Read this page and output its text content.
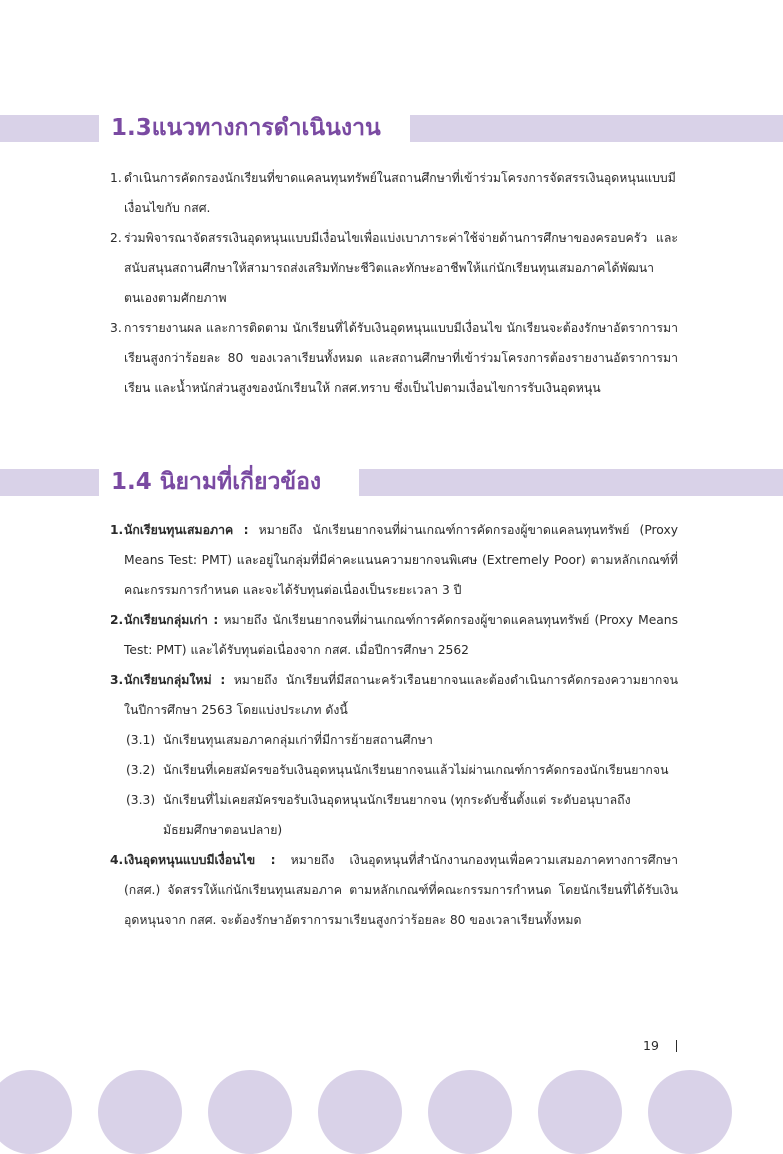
1.3แนวทางการดำเนินงาน
1. ดำเนินการคัดกรองนักเรียนที่ขาดแคลนทุนทรัพย์ในสถานศึกษาที่เข้าร่วมโครงการจัดสรรเงินอุดหนุนแบบมีเงื่อนไขกับ กสศ.
2. ร่วมพิจารณาจัดสรรเงินอุดหนุนแบบมีเงื่อนไขเพื่อแบ่งเบาภาระค่าใช้จ่ายด้านการศึกษาของครอบครัว และสนับสนุนสถานศึกษาให้สามารถส่งเสริมทักษะชีวิตและทักษะอาชีพให้แก่นักเรียนทุนเสมอภาคได้พัฒนาตนเองตามศักยภาพ
3. การรายงานผล และการติดตาม นักเรียนที่ได้รับเงินอุดหนุนแบบมีเงื่อนไข นักเรียนจะต้องรักษาอัตราการมาเรียนสูงกว่าร้อยละ 80 ของเวลาเรียนทั้งหมด และสถานศึกษาที่เข้าร่วมโครงการต้องรายงานอัตราการมาเรียน และน้ำหนักส่วนสูงของนักเรียนให้ กสศ.ทราบ ซึ่งเป็นไปตามเงื่อนไขการรับเงินอุดหนุน
1.4 นิยามที่เกี่ยวข้อง
1. นักเรียนทุนเสมอภาค : หมายถึง นักเรียนยากจนที่ผ่านเกณฑ์การคัดกรองผู้ขาดแคลนทุนทรัพย์ (Proxy Means Test: PMT) และอยู่ในกลุ่มที่มีค่าคะแนนความยากจนพิเศษ (Extremely Poor) ตามหลักเกณฑ์ที่คณะกรรมการกำหนด และจะได้รับทุนต่อเนื่องเป็นระยะเวลา 3 ปี
2. นักเรียนกลุ่มเก่า : หมายถึง นักเรียนยากจนที่ผ่านเกณฑ์การคัดกรองผู้ขาดแคลนทุนทรัพย์ (Proxy Means Test: PMT) และได้รับทุนต่อเนื่องจาก กสศ. เมื่อปีการศึกษา 2562
3. นักเรียนกลุ่มใหม่ : หมายถึง นักเรียนที่มีสถานะครัวเรือนยากจนและต้องดำเนินการคัดกรองความยากจนในปีการศึกษา 2563 โดยแบ่งประเภท ดังนี้
(3.1) นักเรียนทุนเสมอภาคกลุ่มเก่าที่มีการย้ายสถานศึกษา
(3.2) นักเรียนที่เคยสมัครขอรับเงินอุดหนุนนักเรียนยากจนแล้วไม่ผ่านเกณฑ์การคัดกรองนักเรียนยากจน
(3.3) นักเรียนที่ไม่เคยสมัครขอรับเงินอุดหนุนนักเรียนยากจน (ทุกระดับชั้นตั้งแต่ ระดับอนุบาลถึง มัธยมศึกษาตอนปลาย)
4. เงินอุดหนุนแบบมีเงื่อนไข : หมายถึง เงินอุดหนุนที่สำนักงานกองทุนเพื่อความเสมอภาคทางการศึกษา (กสศ.) จัดสรรให้แก่นักเรียนทุนเสมอภาค ตามหลักเกณฑ์ที่คณะกรรมการกำหนด โดยนักเรียนที่ได้รับเงินอุดหนุนจาก กสศ. จะต้องรักษาอัตราการมาเรียนสูงกว่าร้อยละ 80 ของเวลาเรียนทั้งหมด
19
